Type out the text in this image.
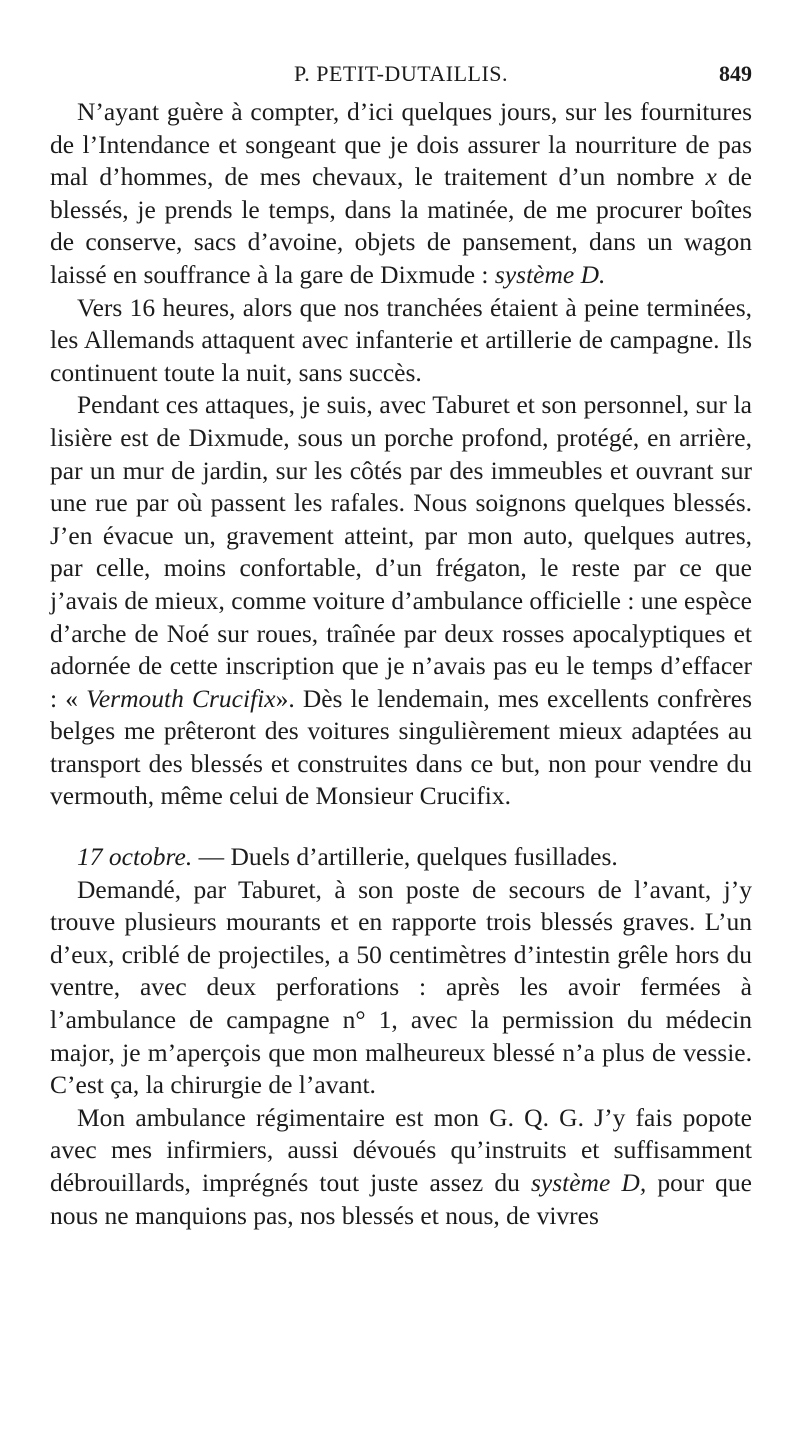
P. PETIT-DUTAILLIS.	849

N’ayant guère à compter, d’ici quelques jours, sur les fournitures de l’Intendance et songeant que je dois assurer la nourriture de pas mal d’hommes, de mes chevaux, le traitement d’un nombre x de blessés, je prends le temps, dans la matinée, de me procurer boîtes de conserve, sacs d’avoine, objets de pansement, dans un wagon laissé en souffrance à la gare de Dixmude : système D.

Vers 16 heures, alors que nos tranchées étaient à peine terminées, les Allemands attaquent avec infanterie et artillerie de campagne. Ils continuent toute la nuit, sans succès.

Pendant ces attaques, je suis, avec Taburet et son personnel, sur la lisière est de Dixmude, sous un porche profond, protégé, en arrière, par un mur de jardin, sur les côtés par des immeubles et ouvrant sur une rue par où passent les rafales. Nous soignons quelques blessés. J’en évacue un, gravement atteint, par mon auto, quelques autres, par celle, moins confortable, d’un frégaton, le reste par ce que j’avais de mieux, comme voiture d’ambulance officielle : une espèce d’arche de Noé sur roues, traînée par deux rosses apocalyptiques et adornée de cette inscription que je n’avais pas eu le temps d’effacer : « Vermouth Crucifix». Dès le lendemain, mes excellents confrères belges me prêteront des voitures singulièrement mieux adaptées au transport des blessés et construites dans ce but, non pour vendre du vermouth, même celui de Monsieur Crucifix.

17 octobre. — Duels d’artillerie, quelques fusillades.

Demandé, par Taburet, à son poste de secours de l’avant, j’y trouve plusieurs mourants et en rapporte trois blessés graves. L’un d’eux, criblé de projectiles, a 50 centimètres d’intestin grêle hors du ventre, avec deux perforations : après les avoir fermées à l’ambulance de campagne n° 1, avec la permission du médecin major, je m’aperçois que mon malheureux blessé n’a plus de vessie. C’est ça, la chirurgie de l’avant.

Mon ambulance régimentaire est mon G. Q. G. J’y fais popote avec mes infirmiers, aussi dévoués qu’instruits et suffisamment débrouillards, imprégnés tout juste assez du système D, pour que nous ne manquions pas, nos blessés et nous, de vivres
